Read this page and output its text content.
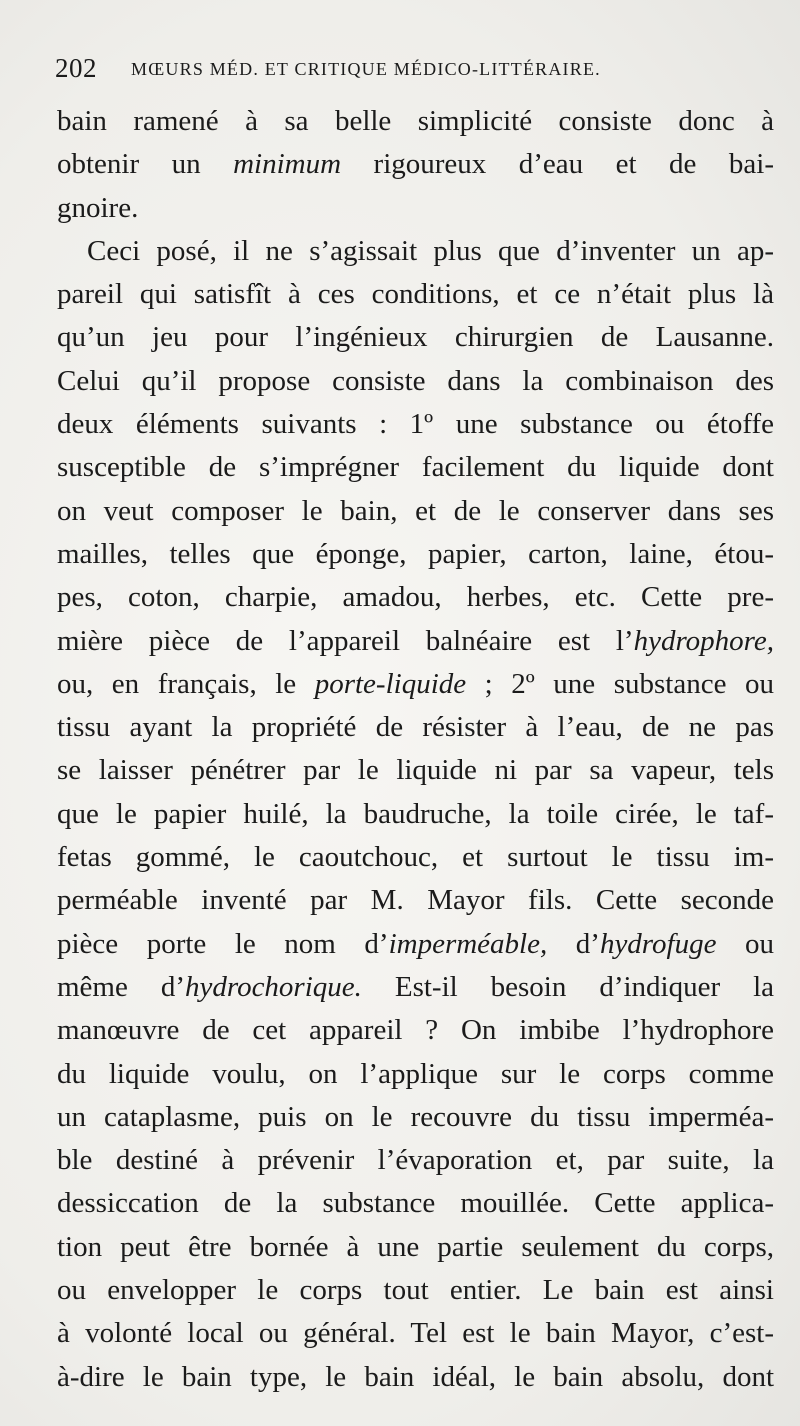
202 MŒURS MÉD. ET CRITIQUE MÉDICO-LITTÉRAIRE.
bain ramené à sa belle simplicité consiste donc à
obtenir un minimum rigoureux d’eau et de bai-
gnoire.
Ceci posé, il ne s’agissait plus que d’inventer un ap-
pareil qui satisfît à ces conditions, et ce n’était plus là
qu’un jeu pour l’ingénieux chirurgien de Lausanne.
Celui qu’il propose consiste dans la combinaison des
deux éléments suivants : 1º une substance ou étoffe
susceptible de s’imprégner facilement du liquide dont
on veut composer le bain, et de le conserver dans ses
mailles, telles que éponge, papier, carton, laine, étou-
pes, coton, charpie, amadou, herbes, etc. Cette pre-
mière pièce de l’appareil balnéaire est l’hydrophore,
ou, en français, le porte-liquide ; 2º une substance ou
tissu ayant la propriété de résister à l’eau, de ne pas
se laisser pénétrer par le liquide ni par sa vapeur, tels
que le papier huilé, la baudruche, la toile cirée, le taf-
fetas gommé, le caoutchouc, et surtout le tissu im-
perméable inventé par M. Mayor fils. Cette seconde
pièce porte le nom d’imperméable, d’hydrofuge ou
même d’hydrochorique. Est-il besoin d’indiquer la
manœuvre de cet appareil ? On imbibe l’hydrophore
du liquide voulu, on l’applique sur le corps comme
un cataplasme, puis on le recouvre du tissu imperméa-
ble destiné à prévenir l’évaporation et, par suite, la
dessiccation de la substance mouillée. Cette applica-
tion peut être bornée à une partie seulement du corps,
ou envelopper le corps tout entier. Le bain est ainsi
à volonté local ou général. Tel est le bain Mayor, c’est-
à-dire le bain type, le bain idéal, le bain absolu, dont
